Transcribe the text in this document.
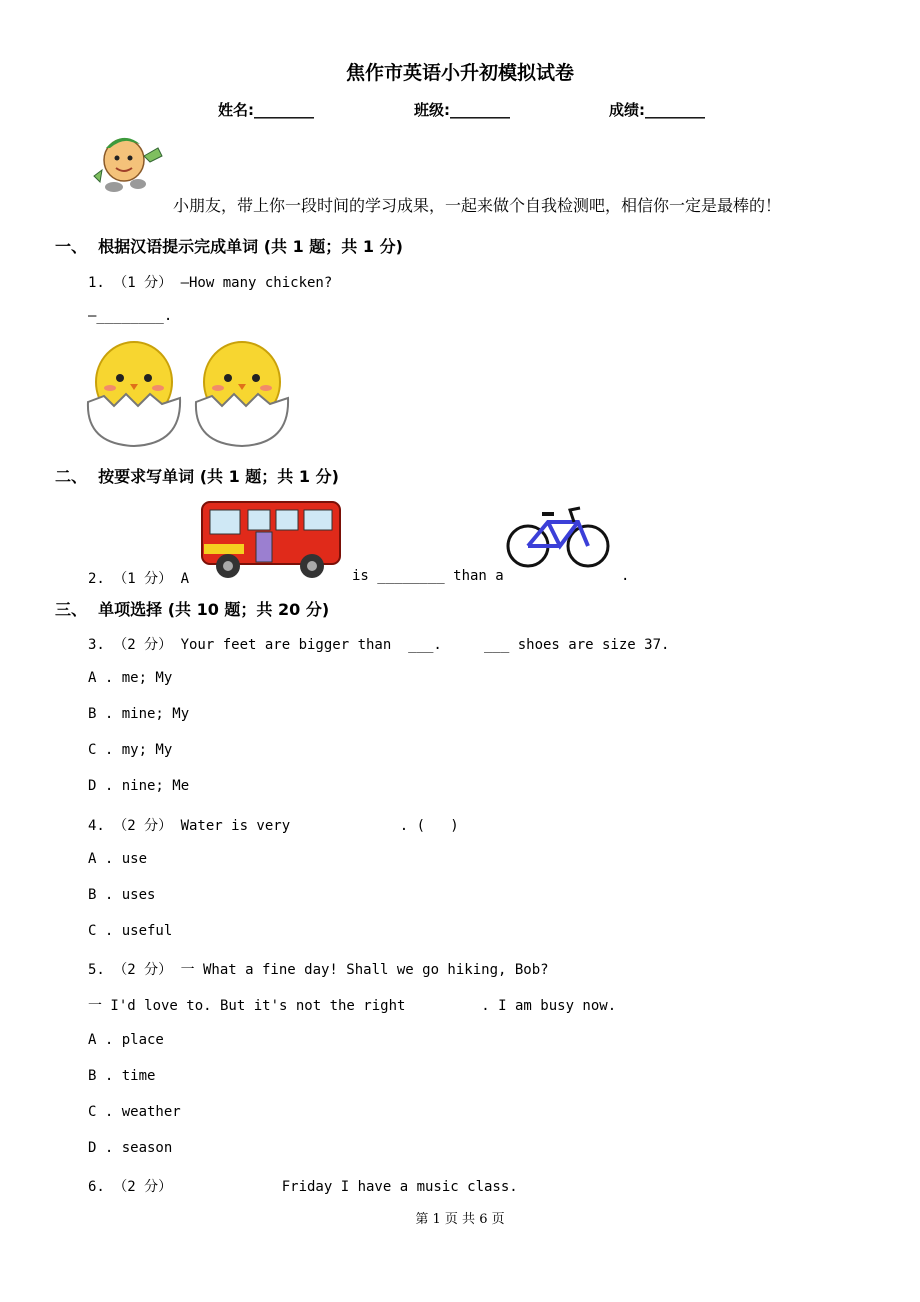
焦作市英语小升初模拟试卷
姓名:________	班级:________	成绩:________
小朋友，带上你一段时间的学习成果，一起来做个自我检测吧，相信你一定是最棒的！
一、  根据汉语提示完成单词 (共 1 题；共 1 分)
1. （1 分） —How many chicken?
—________.
二、  按要求写单词 (共 1 题；共 1 分)
2. （1 分） A	is ________ than a	.
三、  单项选择 (共 10 题；共 20 分)
3. （2 分） Your feet are bigger than  ___.     ___ shoes are size 37.
A . me; My
B . mine; My
C . my; My
D . nine; Me
4. （2 分） Water is very             . (   )
A . use
B . uses
C . useful
5. （2 分） 一 What a fine day! Shall we go hiking, Bob?
一 I'd love to. But it's not the right         . I am busy now.
A . place
B . time
C . weather
D . season
6. （2 分）             Friday I have a music class.
第 1 页 共 6 页
